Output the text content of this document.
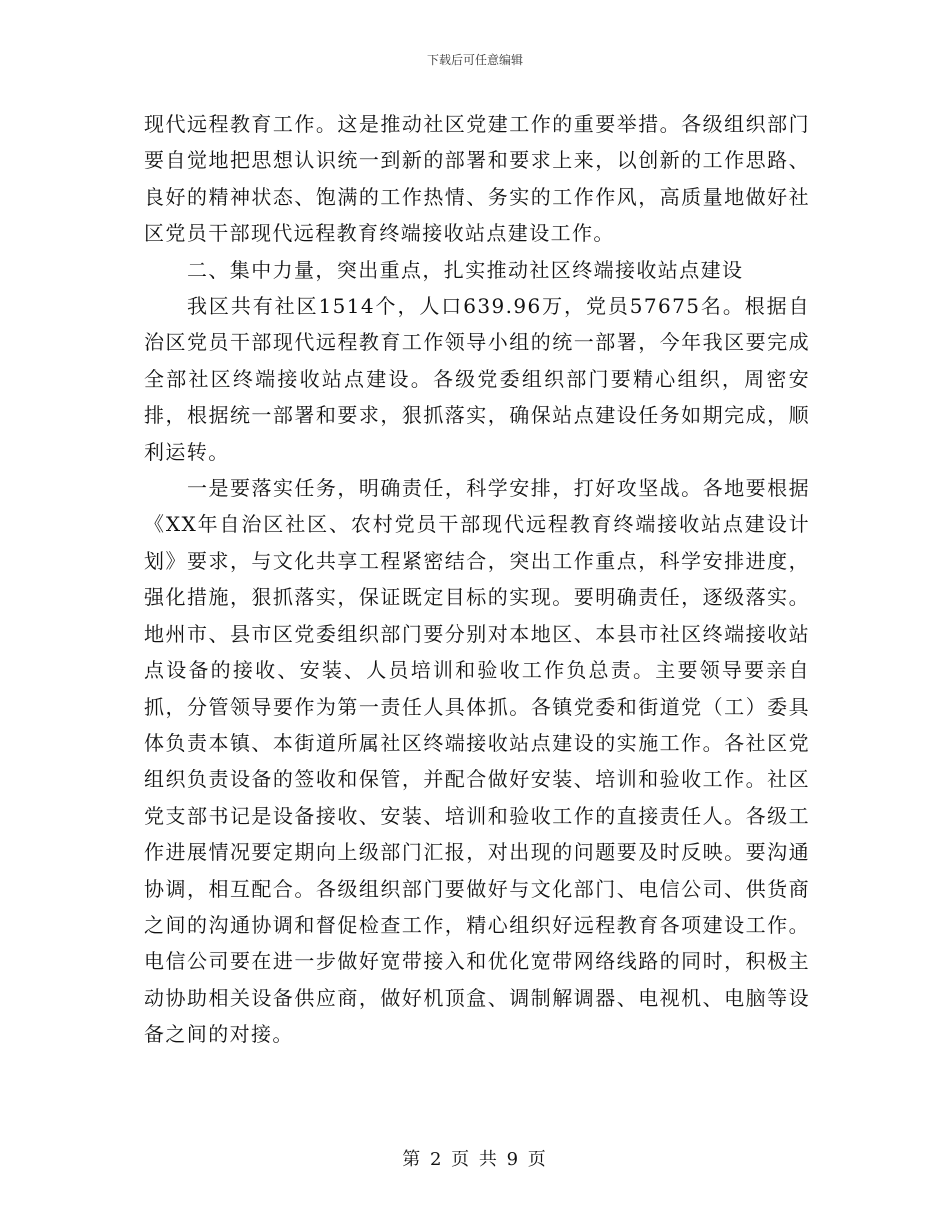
下载后可任意编辑

现代远程教育工作。这是推动社区党建工作的重要举措。各级组织部门要自觉地把思想认识统一到新的部署和要求上来，以创新的工作思路、良好的精神状态、饱满的工作热情、务实的工作作风，高质量地做好社区党员干部现代远程教育终端接收站点建设工作。

二、集中力量，突出重点，扎实推动社区终端接收站点建设

我区共有社区1514个，人口639.96万，党员57675名。根据自治区党员干部现代远程教育工作领导小组的统一部署，今年我区要完成全部社区终端接收站点建设。各级党委组织部门要精心组织，周密安排，根据统一部署和要求，狠抓落实，确保站点建设任务如期完成，顺利运转。

一是要落实任务，明确责任，科学安排，打好攻坚战。各地要根据《XX年自治区社区、农村党员干部现代远程教育终端接收站点建设计划》要求，与文化共享工程紧密结合，突出工作重点，科学安排进度，强化措施，狠抓落实，保证既定目标的实现。要明确责任，逐级落实。地州市、县市区党委组织部门要分别对本地区、本县市社区终端接收站点设备的接收、安装、人员培训和验收工作负总责。主要领导要亲自抓，分管领导要作为第一责任人具体抓。各镇党委和街道党（工）委具体负责本镇、本街道所属社区终端接收站点建设的实施工作。各社区党组织负责设备的签收和保管，并配合做好安装、培训和验收工作。社区党支部书记是设备接收、安装、培训和验收工作的直接责任人。各级工作进展情况要定期向上级部门汇报，对出现的问题要及时反映。要沟通协调，相互配合。各级组织部门要做好与文化部门、电信公司、供货商之间的沟通协调和督促检查工作，精心组织好远程教育各项建设工作。电信公司要在进一步做好宽带接入和优化宽带网络线路的同时，积极主动协助相关设备供应商，做好机顶盒、调制解调器、电视机、电脑等设备之间的对接。

第 2 页 共 9 页
